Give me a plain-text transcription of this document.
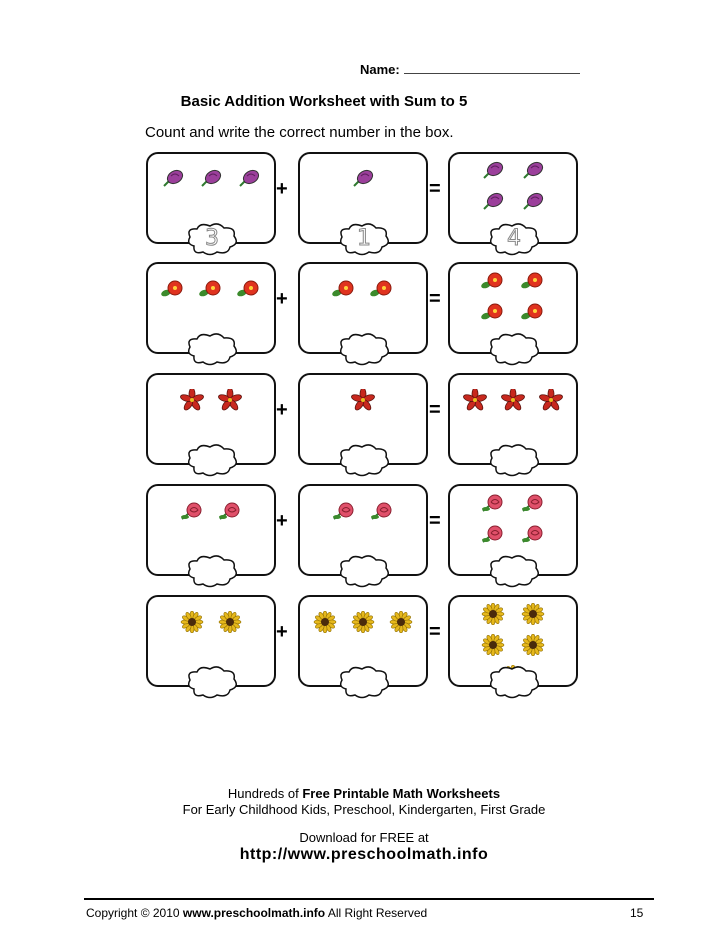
Name:
Basic Addition Worksheet with Sum to 5
Count and write the correct number in the box.
3	1	4
+	=
+	=
+	=
+	=
+	=
Hundreds of Free Printable Math Worksheets
For Early Childhood Kids, Preschool, Kindergarten, First Grade
Download for FREE at
http://www.preschoolmath.info
Copyright © 2010 www.preschoolmath.info All Right Reserved	15
